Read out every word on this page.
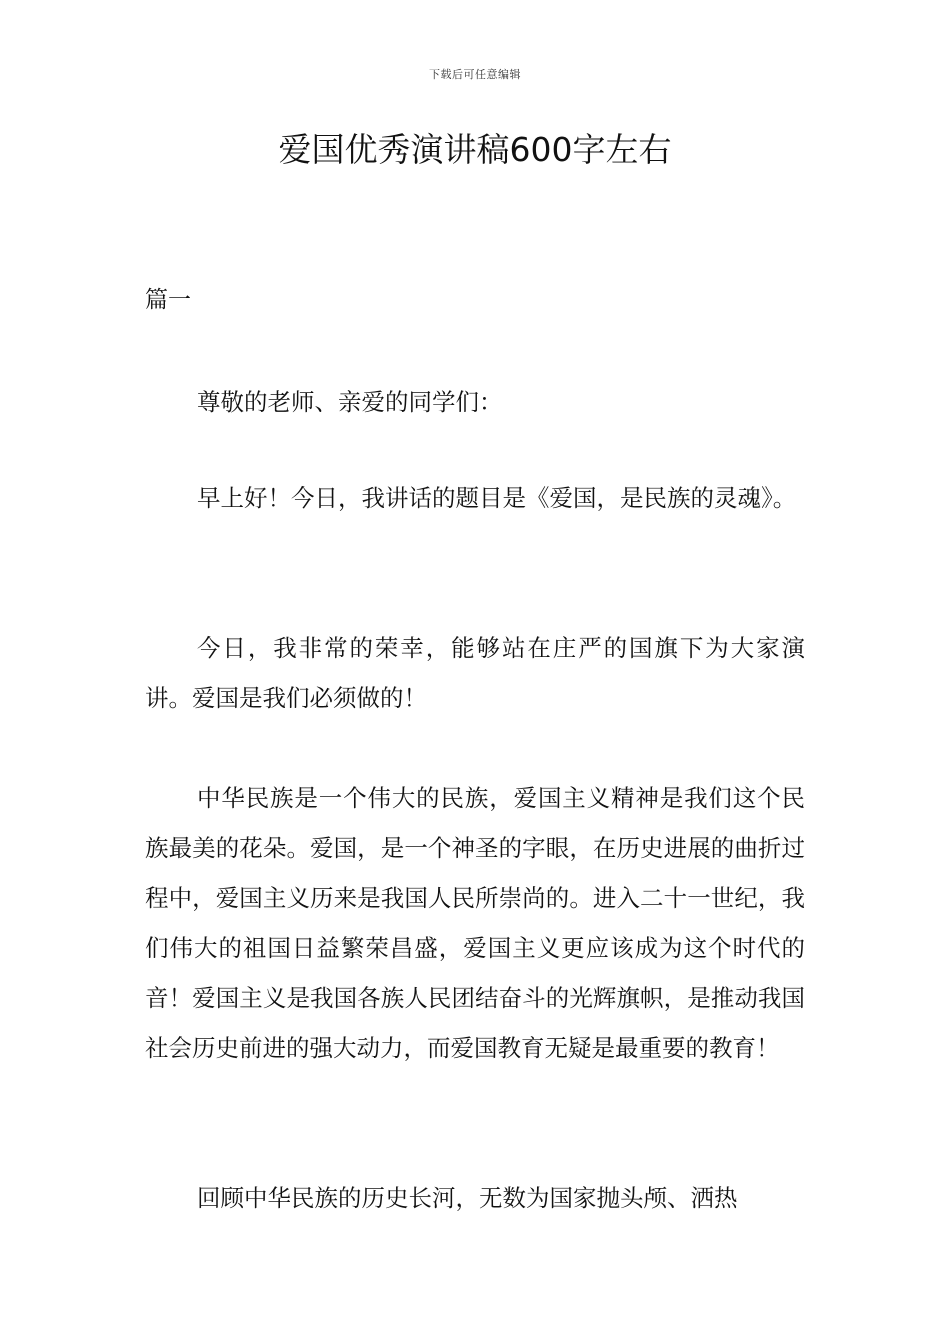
下载后可任意编辑
爱国优秀演讲稿600字左右
篇一

尊敬的老师、亲爱的同学们：

早上好！今日，我讲话的题目是《爱国，是民族的灵魂》。

今日，我非常的荣幸，能够站在庄严的国旗下为大家演讲。爱国是我们必须做的！

中华民族是一个伟大的民族，爱国主义精神是我们这个民族最美的花朵。爱国，是一个神圣的字眼，在历史进展的曲折过程中，爱国主义历来是我国人民所崇尚的。进入二十一世纪，我们伟大的祖国日益繁荣昌盛，爱国主义更应该成为这个时代的音！爱国主义是我国各族人民团结奋斗的光辉旗帜，是推动我国社会历史前进的强大动力，而爱国教育无疑是最重要的教育！

回顾中华民族的历史长河，无数为国家抛头颅、洒热
